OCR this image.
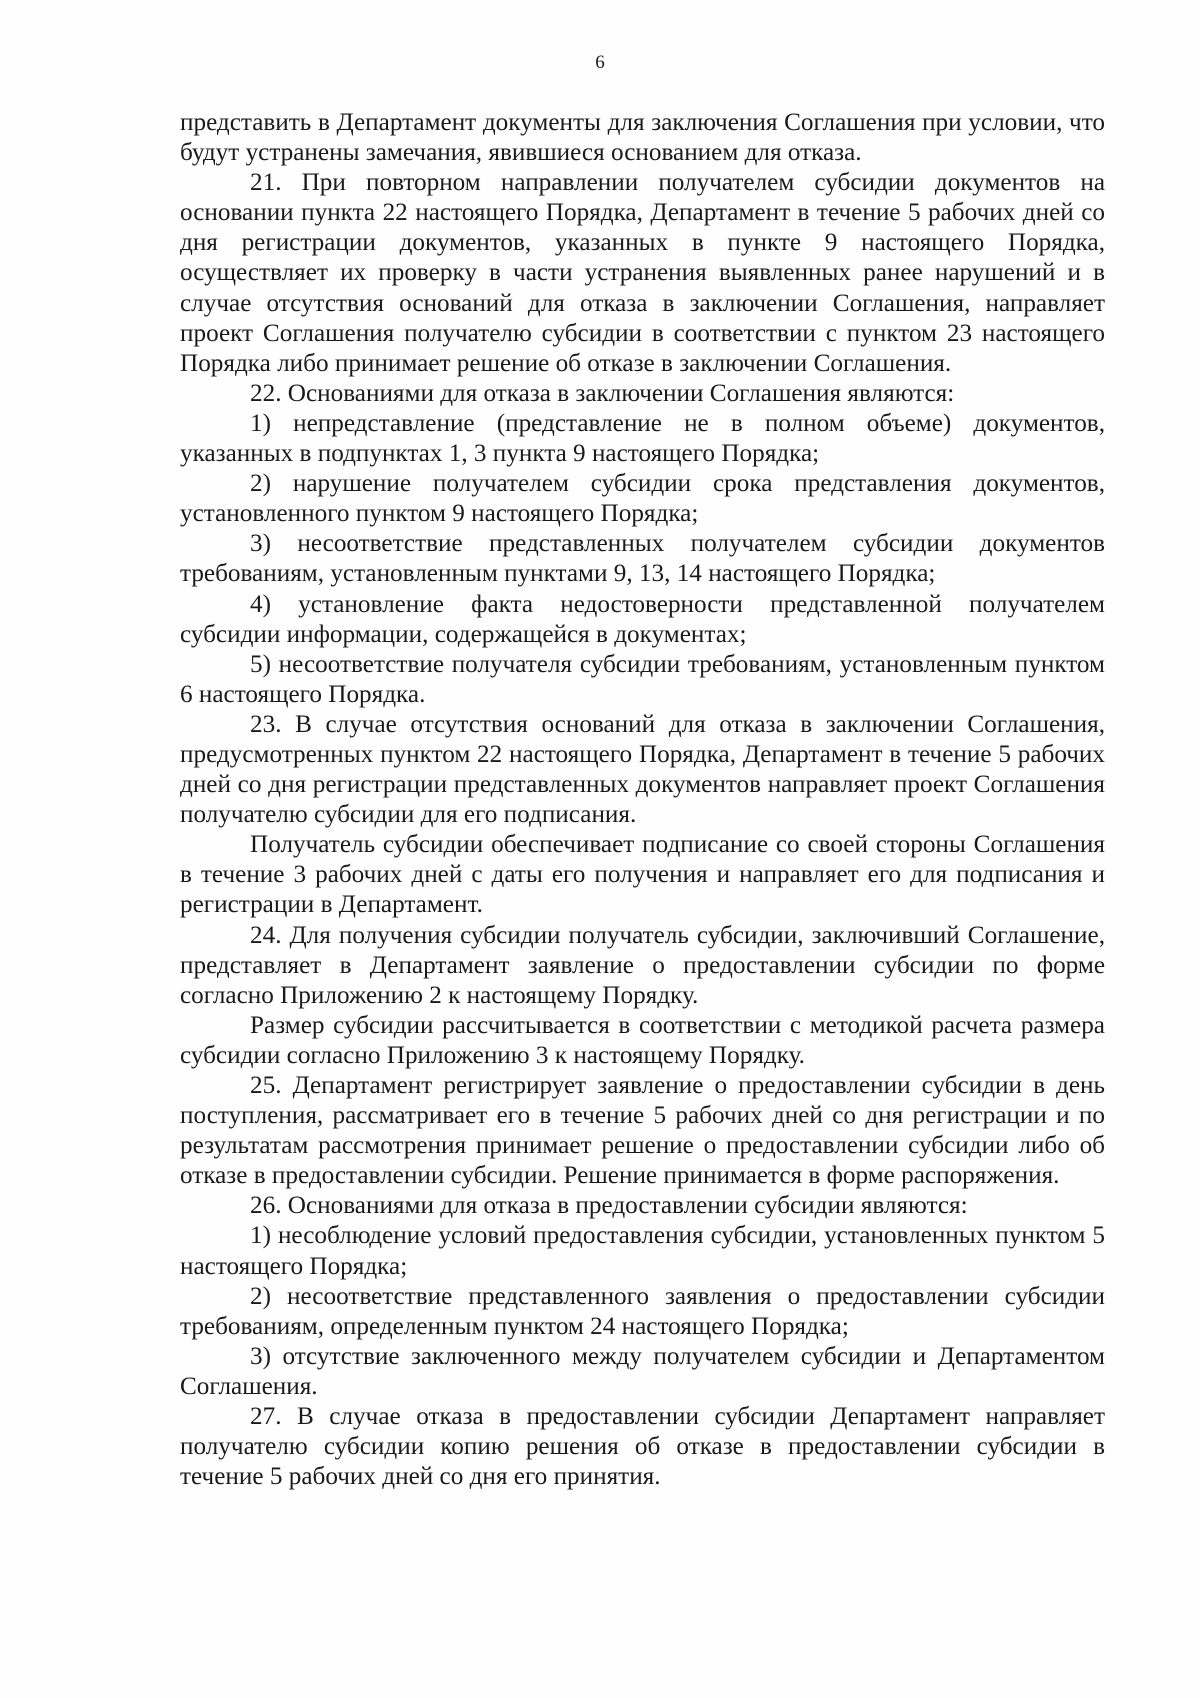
6

представить в Департамент документы для заключения Соглашения при условии, что будут устранены замечания, явившиеся основанием для отказа.

21. При повторном направлении получателем субсидии документов на основании пункта 22 настоящего Порядка, Департамент в течение 5 рабочих дней со дня регистрации документов, указанных в пункте 9 настоящего Порядка, осуществляет их проверку в части устранения выявленных ранее нарушений и в случае отсутствия оснований для отказа в заключении Соглашения, направляет проект Соглашения получателю субсидии в соответствии с пунктом 23 настоящего Порядка либо принимает решение об отказе в заключении Соглашения.

22. Основаниями для отказа в заключении Соглашения являются:

1) непредставление (представление не в полном объеме) документов, указанных в подпунктах 1, 3 пункта 9 настоящего Порядка;

2) нарушение получателем субсидии срока представления документов, установленного пунктом 9 настоящего Порядка;

3) несоответствие представленных получателем субсидии документов требованиям, установленным пунктами 9, 13, 14 настоящего Порядка;

4) установление факта недостоверности представленной получателем субсидии информации, содержащейся в документах;

5) несоответствие получателя субсидии требованиям, установленным пунктом 6 настоящего Порядка.

23. В случае отсутствия оснований для отказа в заключении Соглашения, предусмотренных пунктом 22 настоящего Порядка, Департамент в течение 5 рабочих дней со дня регистрации представленных документов направляет проект Соглашения получателю субсидии для его подписания.

Получатель субсидии обеспечивает подписание со своей стороны Соглашения в течение 3 рабочих дней с даты его получения и направляет его для подписания и регистрации в Департамент.

24. Для получения субсидии получатель субсидии, заключивший Соглашение, представляет в Департамент заявление о предоставлении субсидии по форме согласно Приложению 2 к настоящему Порядку.

Размер субсидии рассчитывается в соответствии с методикой расчета размера субсидии согласно Приложению 3 к настоящему Порядку.

25. Департамент регистрирует заявление о предоставлении субсидии в день поступления, рассматривает его в течение 5 рабочих дней со дня регистрации и по результатам рассмотрения принимает решение о предоставлении субсидии либо об отказе в предоставлении субсидии. Решение принимается в форме распоряжения.

26. Основаниями для отказа в предоставлении субсидии являются:

1) несоблюдение условий предоставления субсидии, установленных пунктом 5 настоящего Порядка;

2) несоответствие представленного заявления о предоставлении субсидии требованиям, определенным пунктом 24 настоящего Порядка;

3) отсутствие заключенного между получателем субсидии и Департаментом Соглашения.

27. В случае отказа в предоставлении субсидии Департамент направляет получателю субсидии копию решения об отказе в предоставлении субсидии в течение 5 рабочих дней со дня его принятия.
